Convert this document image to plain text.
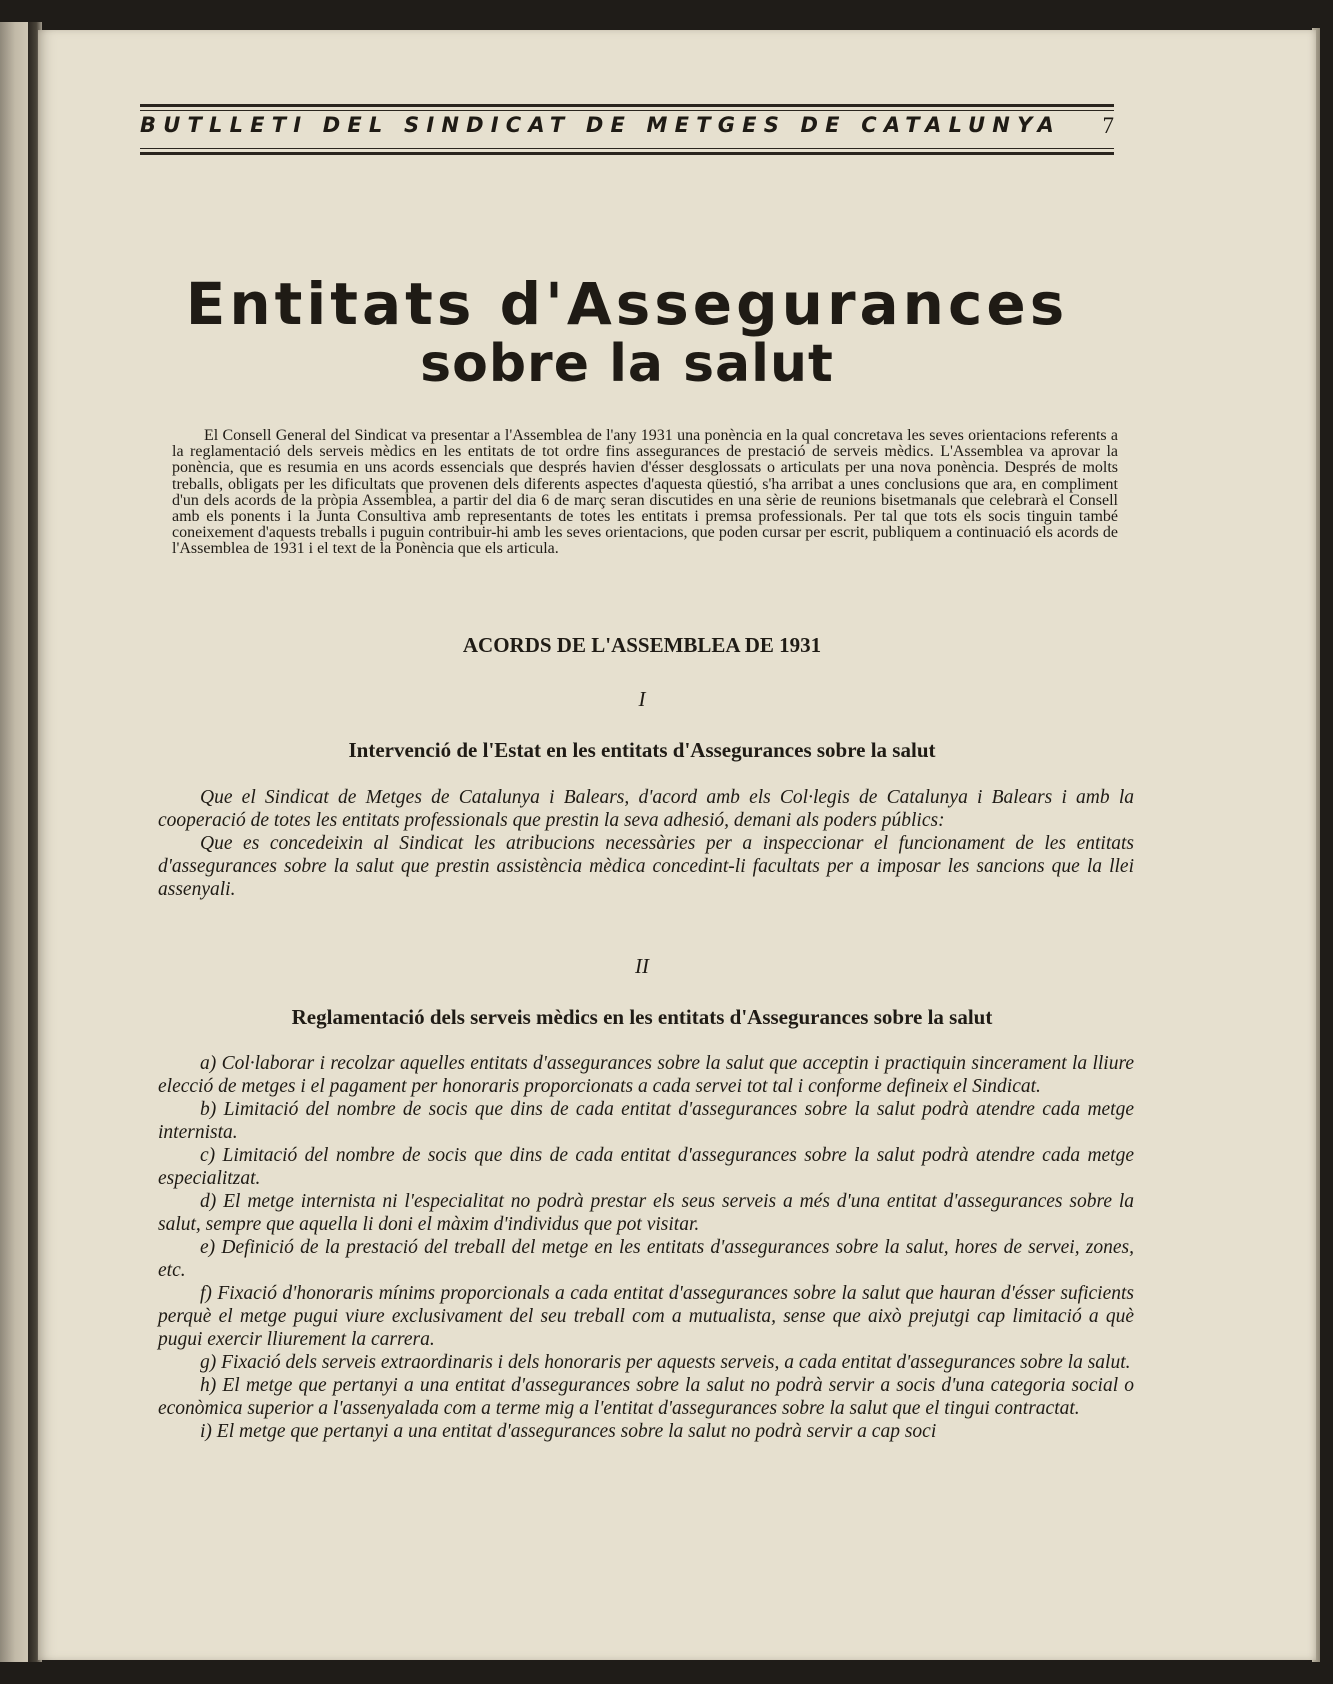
BUTLLETI DEL SINDICAT DE METGES DE CATALUNYA	7
Entitats d'Assegurances
sobre la salut

El Consell General del Sindicat va presentar a l'Assemblea de l'any 1931 una ponència en la qual concretava les seves orientacions referents a la reglamentació dels serveis mèdics en les entitats de tot ordre fins assegurances de prestació de serveis mèdics. L'Assemblea va aprovar la ponència, que es resumia en uns acords essencials que després havien d'ésser desglossats o articulats per una nova ponència. Després de molts treballs, obligats per les dificultats que provenen dels diferents aspectes d'aquesta qüestió, s'ha arribat a unes conclusions que ara, en compliment d'un dels acords de la pròpia Assemblea, a partir del dia 6 de març seran discutides en una sèrie de reunions bisetmanals que celebrarà el Consell amb els ponents i la Junta Consultiva amb representants de totes les entitats i premsa professionals. Per tal que tots els socis tinguin també coneixement d'aquests treballs i puguin contribuir-hi amb les seves orientacions, que poden cursar per escrit, publiquem a continuació els acords de l'Assemblea de 1931 i el text de la Ponència que els articula.

ACORDS DE L'ASSEMBLEA DE 1931
I
Intervenció de l'Estat en les entitats d'Assegurances sobre la salut

Que el Sindicat de Metges de Catalunya i Balears, d'acord amb els Col·legis de Catalunya i Balears i amb la cooperació de totes les entitats professionals que prestin la seva adhesió, demani als poders públics:

Que es concedeixin al Sindicat les atribucions necessàries per a inspeccionar el funcionament de les entitats d'assegurances sobre la salut que prestin assistència mèdica concedint-li facultats per a imposar les sancions que la llei assenyali.

II
Reglamentació dels serveis mèdics en les entitats d'Assegurances sobre la salut

a) Col·laborar i recolzar aquelles entitats d'assegurances sobre la salut que acceptin i practiquin sincerament la lliure elecció de metges i el pagament per honoraris proporcionats a cada servei tot tal i conforme defineix el Sindicat.

b) Limitació del nombre de socis que dins de cada entitat d'assegurances sobre la salut podrà atendre cada metge internista.

c) Limitació del nombre de socis que dins de cada entitat d'assegurances sobre la salut podrà atendre cada metge especialitzat.

d) El metge internista ni l'especialitat no podrà prestar els seus serveis a més d'una entitat d'assegurances sobre la salut, sempre que aquella li doni el màxim d'individus que pot visitar.

e) Definició de la prestació del treball del metge en les entitats d'assegurances sobre la salut, hores de servei, zones, etc.

f) Fixació d'honoraris mínims proporcionals a cada entitat d'assegurances sobre la salut que hauran d'ésser suficients perquè el metge pugui viure exclusivament del seu treball com a mutualista, sense que això prejutgi cap limitació a què pugui exercir lliurement la carrera.

g) Fixació dels serveis extraordinaris i dels honoraris per aquests serveis, a cada entitat d'assegurances sobre la salut.

h) El metge que pertanyi a una entitat d'assegurances sobre la salut no podrà servir a socis d'una categoria social o econòmica superior a l'assenyalada com a terme mig a l'entitat d'assegurances sobre la salut que el tingui contractat.

i) El metge que pertanyi a una entitat d'assegurances sobre la salut no podrà servir a cap soci
